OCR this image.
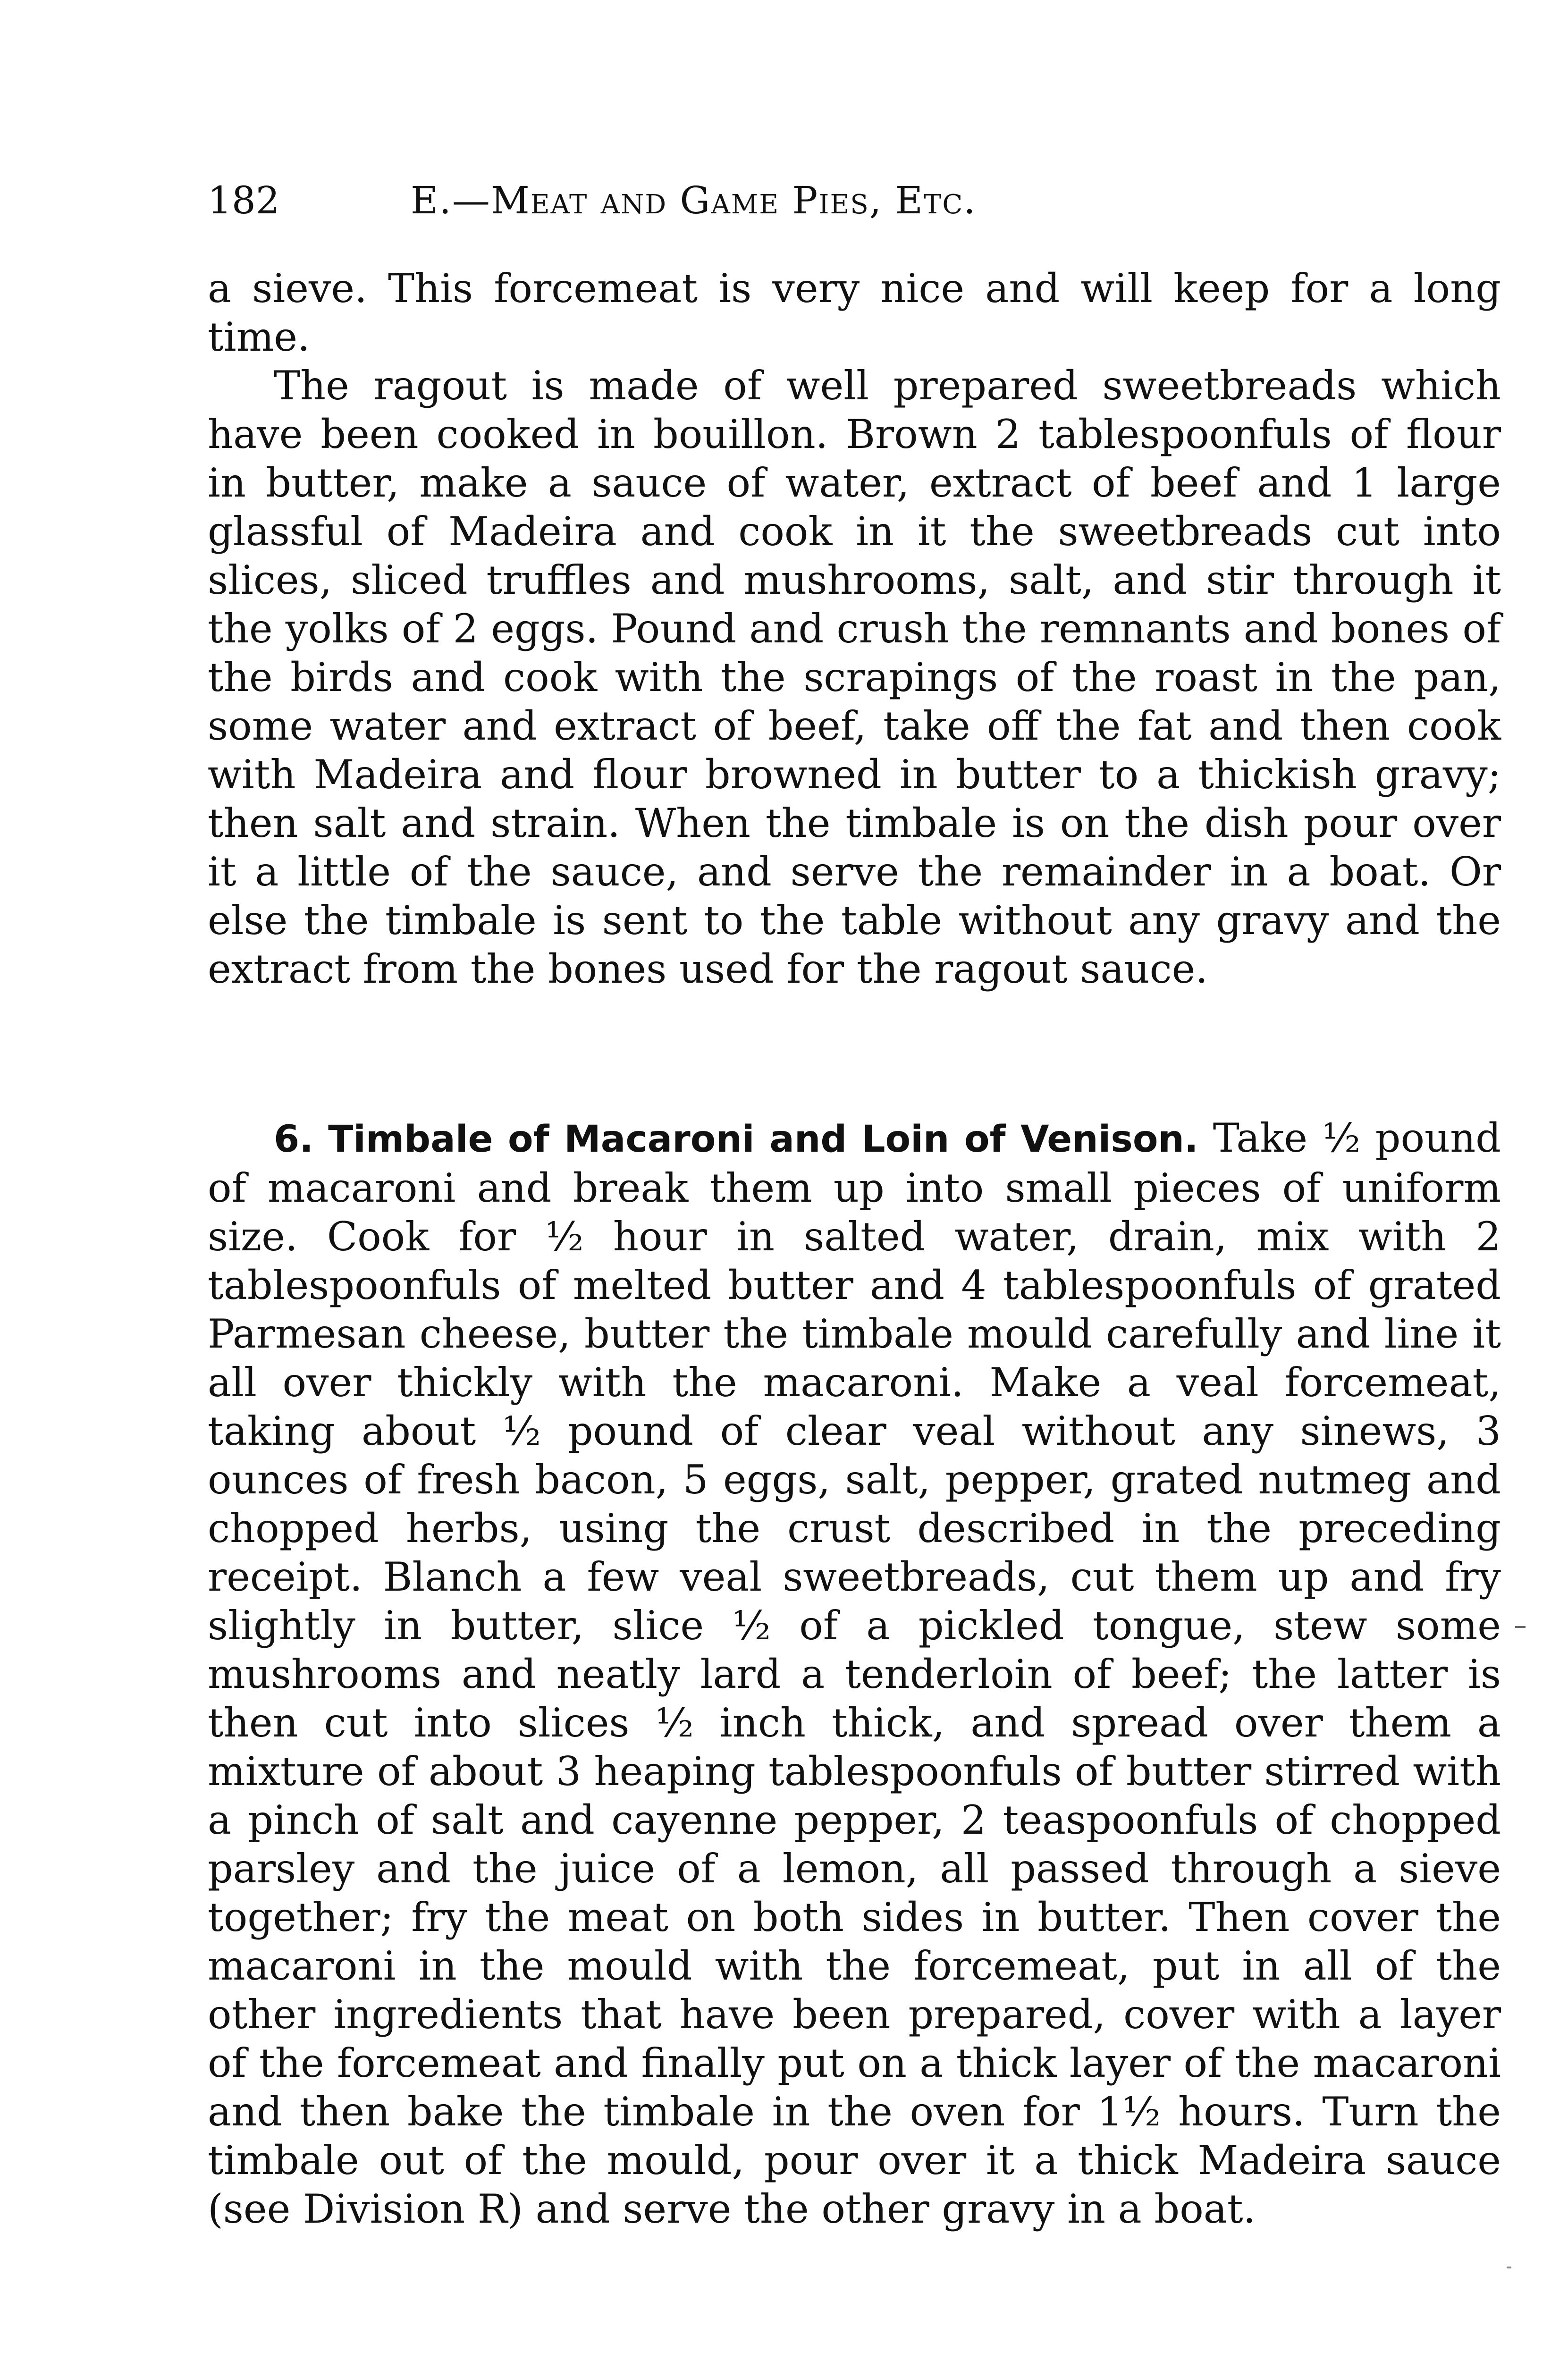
182	E.—Meat and Game Pies, Etc.

a sieve. This forcemeat is very nice and will keep for a long time.

The ragout is made of well prepared sweetbreads which have been cooked in bouillon. Brown 2 tablespoonfuls of flour in butter, make a sauce of water, extract of beef and 1 large glassful of Madeira and cook in it the sweetbreads cut into slices, sliced truffles and mushrooms, salt, and stir through it the yolks of 2 eggs. Pound and crush the remnants and bones of the birds and cook with the scrapings of the roast in the pan, some water and extract of beef, take off the fat and then cook with Madeira and flour browned in butter to a thickish gravy; then salt and strain. When the timbale is on the dish pour over it a little of the sauce, and serve the remainder in a boat. Or else the timbale is sent to the table without any gravy and the extract from the bones used for the ragout sauce.

6. Timbale of Macaroni and Loin of Venison. Take ½ pound of macaroni and break them up into small pieces of uniform size. Cook for ½ hour in salted water, drain, mix with 2 tablespoonfuls of melted butter and 4 tablespoonfuls of grated Parmesan cheese, butter the timbale mould carefully and line it all over thickly with the macaroni. Make a veal forcemeat, taking about ½ pound of clear veal without any sinews, 3 ounces of fresh bacon, 5 eggs, salt, pepper, grated nutmeg and chopped herbs, using the crust described in the preceding receipt. Blanch a few veal sweetbreads, cut them up and fry slightly in butter, slice ½ of a pickled tongue, stew some mushrooms and neatly lard a tenderloin of beef; the latter is then cut into slices ½ inch thick, and spread over them a mixture of about 3 heaping tablespoonfuls of butter stirred with a pinch of salt and cayenne pepper, 2 teaspoonfuls of chopped parsley and the juice of a lemon, all passed through a sieve together; fry the meat on both sides in butter. Then cover the macaroni in the mould with the forcemeat, put in all of the other ingredients that have been prepared, cover with a layer of the forcemeat and finally put on a thick layer of the macaroni and then bake the timbale in the oven for 1½ hours. Turn the timbale out of the mould, pour over it a thick Madeira sauce (see Division R) and serve the other gravy in a boat.
